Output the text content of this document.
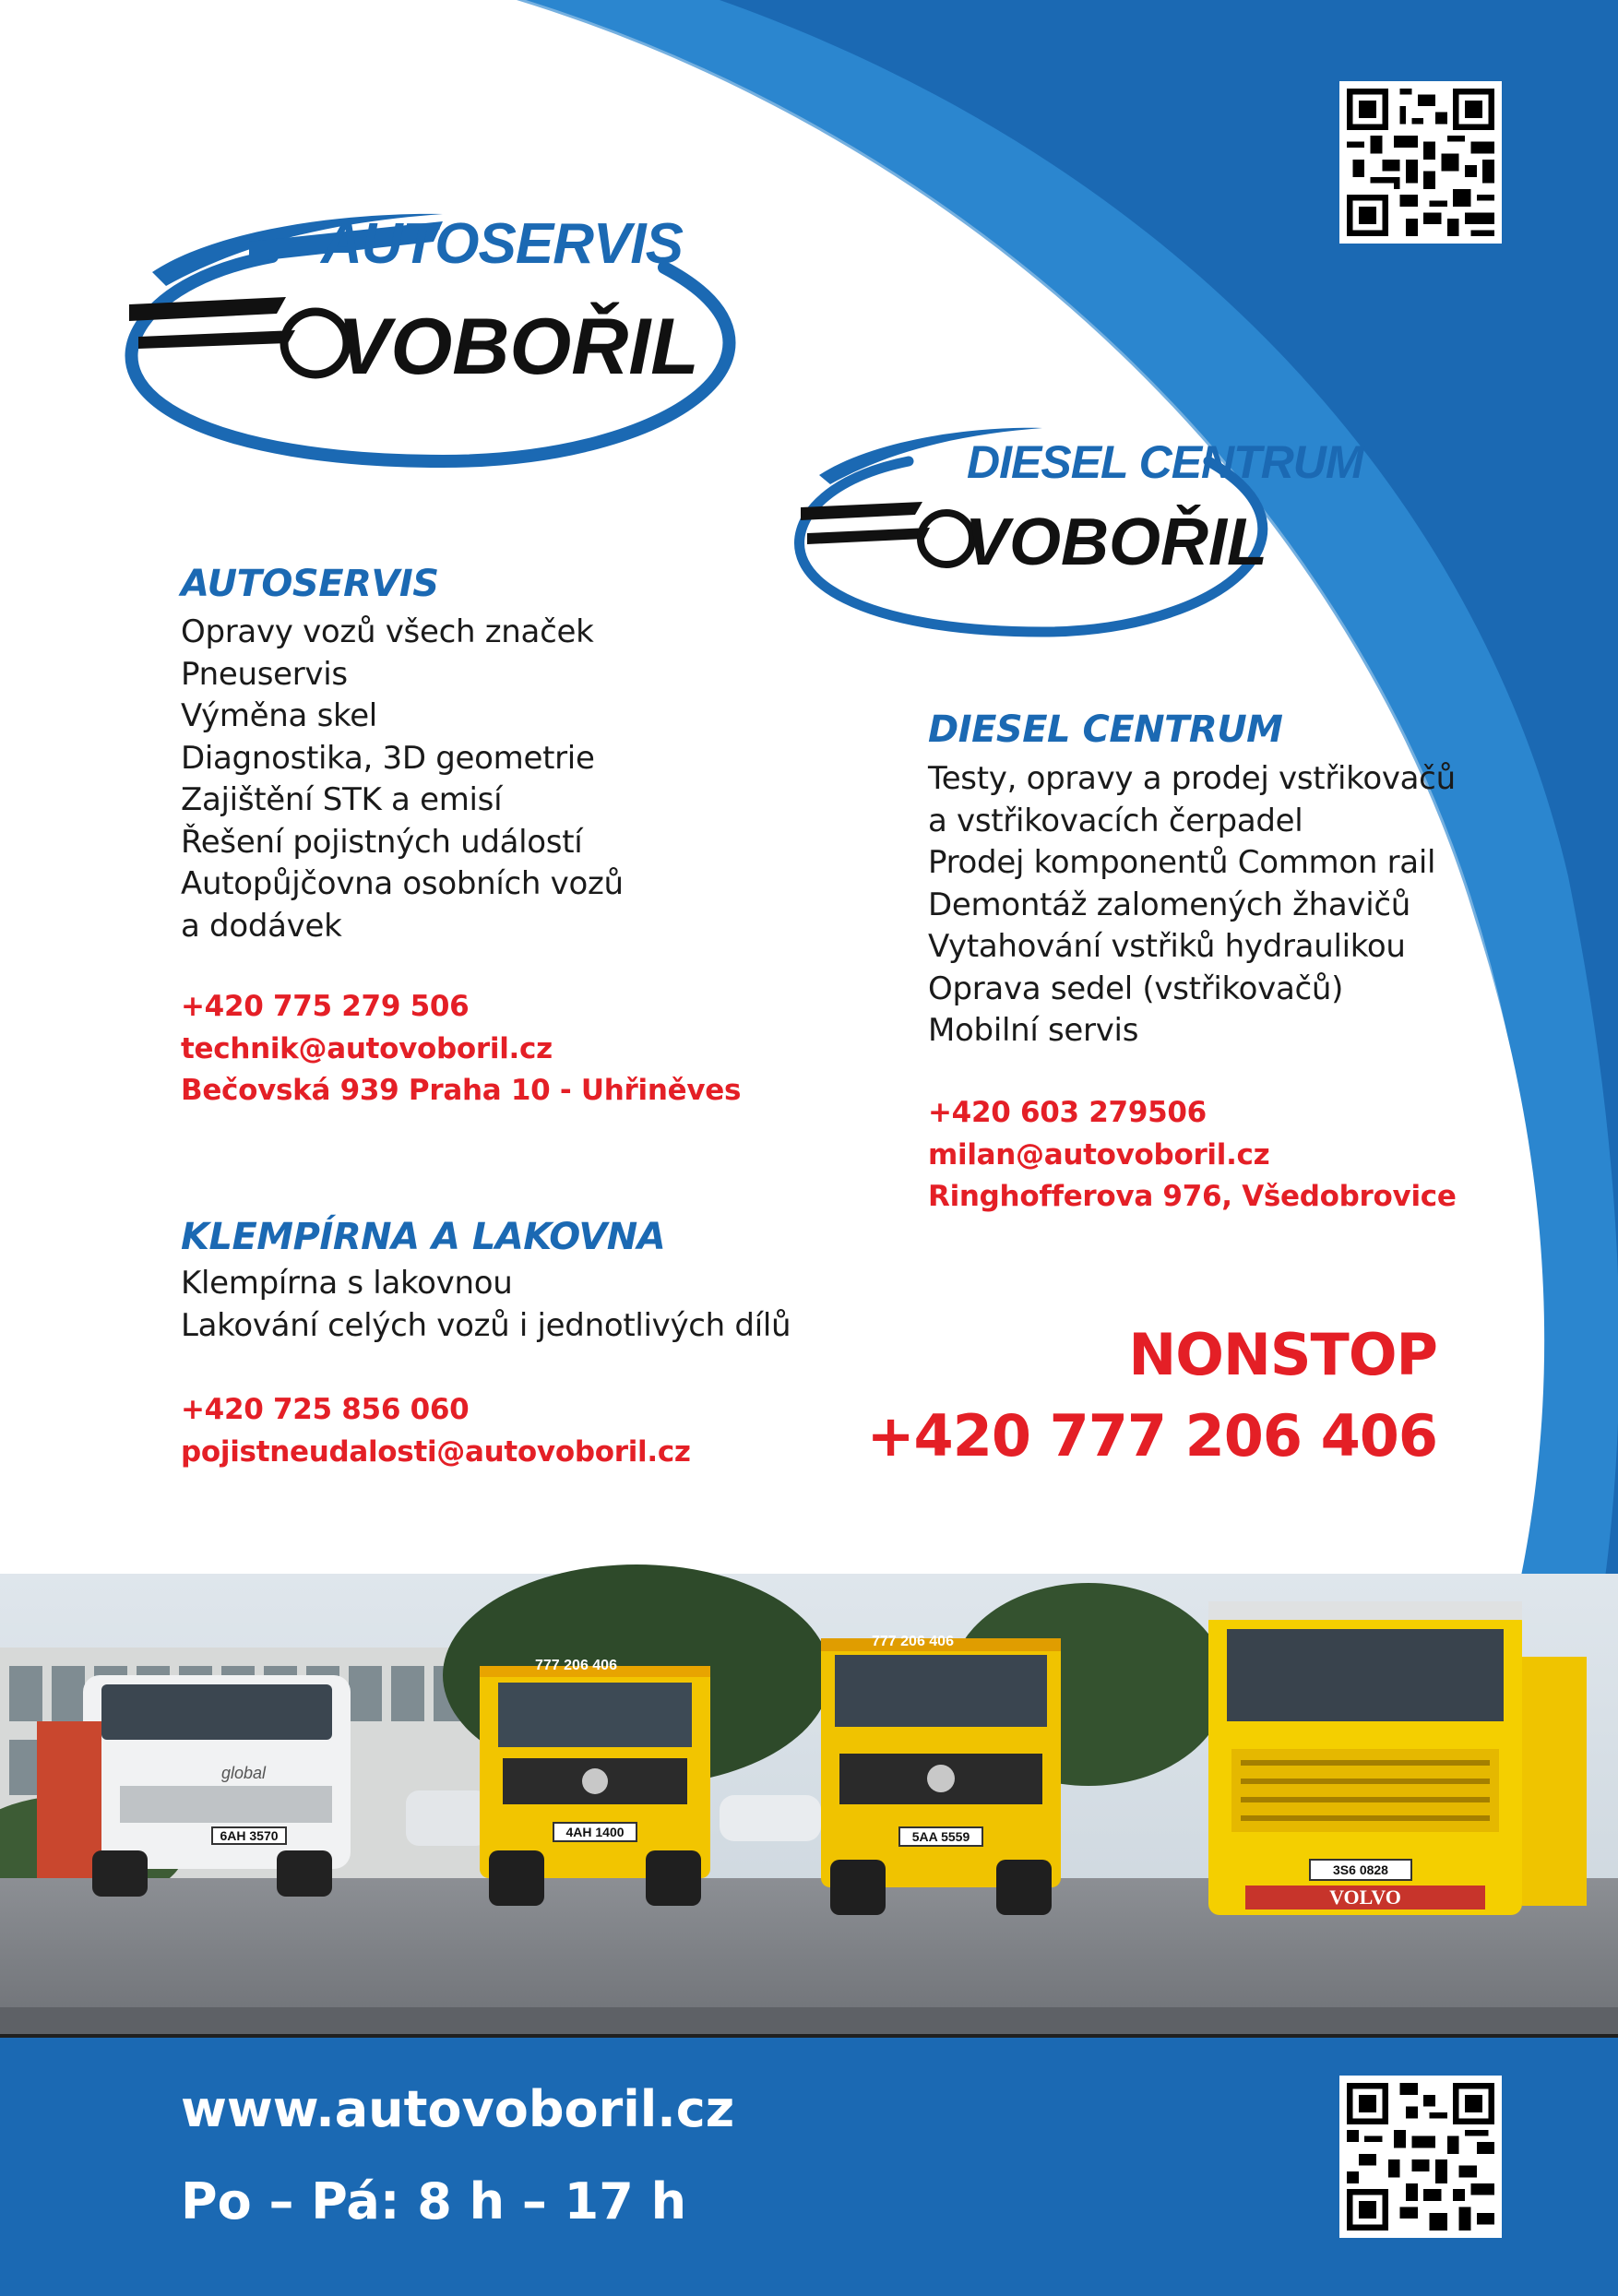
AUTOSERVIS
VOBOŘIL
DIESEL CENTRUM
VOBOŘIL
AUTOSERVIS
Opravy vozů všech značek
Pneuservis
Výměna skel
Diagnostika, 3D geometrie
Zajištění STK a emisí
Řešení pojistných událostí
Autopůjčovna osobních vozů
a dodávek
+420 775 279 506
technik@autovoboril.cz
Bečovská 939 Praha 10 - Uhřiněves
KLEMPÍRNA A LAKOVNA
Klempírna s lakovnou
Lakování celých vozů i jednotlivých dílů
+420 725 856 060
pojistneudalosti@autovoboril.cz
DIESEL CENTRUM
Testy, opravy a prodej vstřikovačů
a vstřikovacích čerpadel
Prodej komponentů Common rail
Demontáž zalomených žhavičů
Vytahování vstřiků hydraulikou
Oprava sedel (vstřikovačů)
Mobilní servis
+420 603 279506
milan@autovoboril.cz
Ringhofferova 976, Všedobrovice

NONSTOP

+420 777 206 406

777 206 406
777 206 406
6AH 3570	4AH 1400	5AA 5559
3S6 0828
VOLVO
global

www.autovoboril.cz

Po – Pá: 8 h – 17 h
